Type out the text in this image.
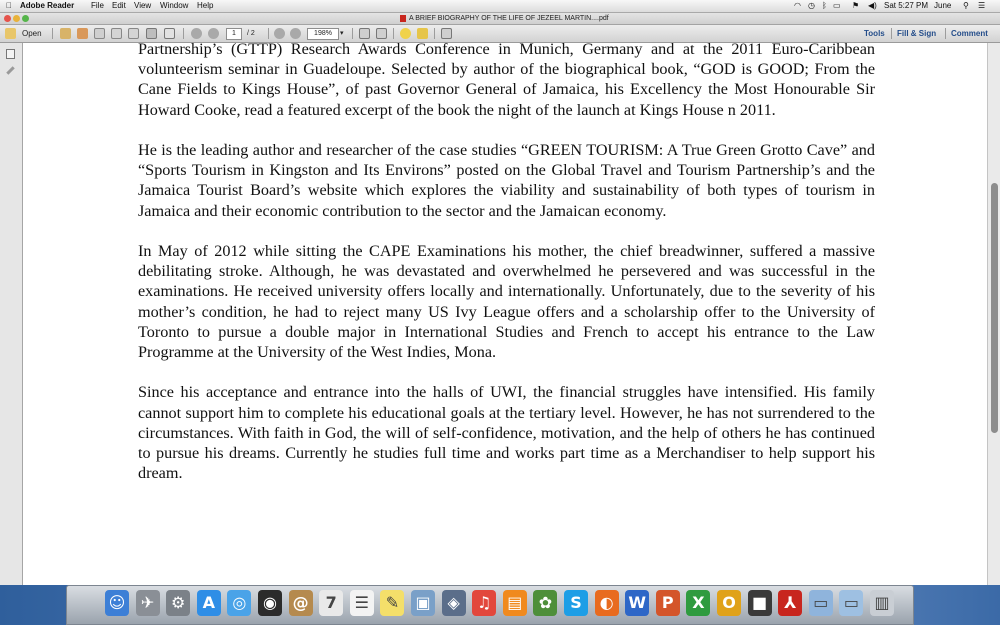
Adobe Reader File Edit View Window Help	◠ ◷ ᛒ ▭ ⚑ ◀) Sat 5:27 PM June ⚲ ☰
A BRIEF BIOGRAPHY OF THE LIFE OF JEZEEL MARTIN....pdf
Open	1	/ 2	198%	▾	Tools Fill & Sign Comment

Partnership’s (GTTP) Research Awards Conference in Munich, Germany and at the 2011 Euro-Caribbean volunteerism seminar in Guadeloupe. Selected by author of the biographical book, “GOD is GOOD; From the Cane Fields to Kings House”, of past Governor General of Jamaica, his Excellency the Most Honourable Sir Howard Cooke, read a featured excerpt of the book the night of the launch at Kings House n 2011.

He is the leading author and researcher of the case studies “GREEN TOURISM: A True Green Grotto Cave” and “Sports Tourism in Kingston and Its Environs” posted on the Global Travel and Tourism Partnership’s and the Jamaica Tourist Board’s website which explores the viability and sustainability of both types of tourism in Jamaica and their economic contribution to the sector and the Jamaican economy.

In May of 2012 while sitting the CAPE Examinations his mother, the chief breadwinner, suffered a massive debilitating stroke. Although, he was devastated and overwhelmed he persevered and was successful in the examinations. He received university offers locally and internationally. Unfortunately, due to the severity of his mother’s condition, he had to reject many US Ivy League offers and a scholarship offer to the University of Toronto to pursue a double major in International Studies and French to accept his entrance to the Law Programme at the University of the West Indies, Mona.

Since his acceptance and entrance into the halls of UWI, the financial struggles have intensified. His family cannot support him to complete his educational goals at the tertiary level. However, he has not surrendered to the circumstances. With faith in God, the will of self-confidence, motivation, and the help of others he has continued to pursue his dreams. Currently he studies full time and works part time as a Merchandiser to help support his dream.

☺ ✈	⚙	A	◎	◉ @	7	☰	✎	▣	◈	♫ ▤	✿	S	◐ W P	X	O	■	⅄	▭ ▭ ▥
